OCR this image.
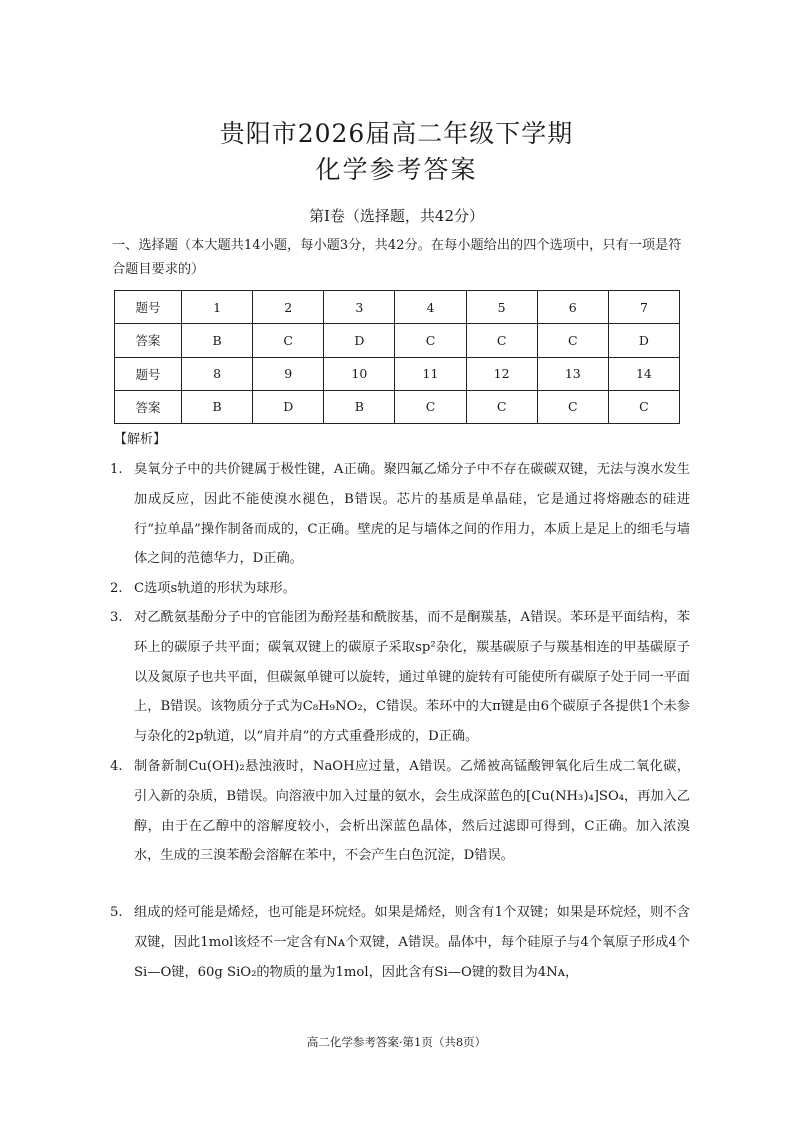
贵阳市2026届高二年级下学期
化学参考答案
第Ⅰ卷（选择题，共42分）
一、选择题（本大题共14小题，每小题3分，共42分。在每小题给出的四个选项中，只有一项是符合题目要求的）
题号	1	2	3	4	5	6	7
答案	B	C	D	C	C	C	D
题号	8	9	10	11	12	13	14
答案	B	D	B	C	C	C	C
【解析】
1. 臭氧分子中的共价键属于极性键，A正确。聚四氟乙烯分子中不存在碳碳双键，无法与溴水发生加成反应，因此不能使溴水褪色，B错误。芯片的基质是单晶硅，它是通过将熔融态的硅进行“拉单晶”操作制备而成的，C正确。壁虎的足与墙体之间的作用力，本质上是足上的细毛与墙体之间的范德华力，D正确。
2. C选项s轨道的形状为球形。
3. 对乙酰氨基酚分子中的官能团为酚羟基和酰胺基，而不是酮羰基，A错误。苯环是平面结构，苯环上的碳原子共平面；碳氧双键上的碳原子采取sp²杂化，羰基碳原子与羰基相连的甲基碳原子以及氮原子也共平面，但碳氮单键可以旋转，通过单键的旋转有可能使所有碳原子处于同一平面上，B错误。该物质分子式为C₈H₉NO₂，C错误。苯环中的大π键是由6个碳原子各提供1个未参与杂化的2p轨道，以“肩并肩”的方式重叠形成的，D正确。
4. 制备新制Cu(OH)₂悬浊液时，NaOH应过量，A错误。乙烯被高锰酸钾氧化后生成二氧化碳，引入新的杂质，B错误。向溶液中加入过量的氨水，会生成深蓝色的[Cu(NH₃)₄]SO₄，再加入乙醇，由于在乙醇中的溶解度较小，会析出深蓝色晶体，然后过滤即可得到，C正确。加入浓溴水，生成的三溴苯酚会溶解在苯中，不会产生白色沉淀，D错误。
5. 组成的烃可能是烯烃，也可能是环烷烃。如果是烯烃，则含有1个双键；如果是环烷烃，则不含双键，因此1mol该烃不一定含有Nᴀ个双键，A错误。晶体中，每个硅原子与4个氧原子形成4个Si—O键，60g SiO₂的物质的量为1mol，因此含有Si—O键的数目为4Nᴀ，
高二化学参考答案·第1页（共8页）
